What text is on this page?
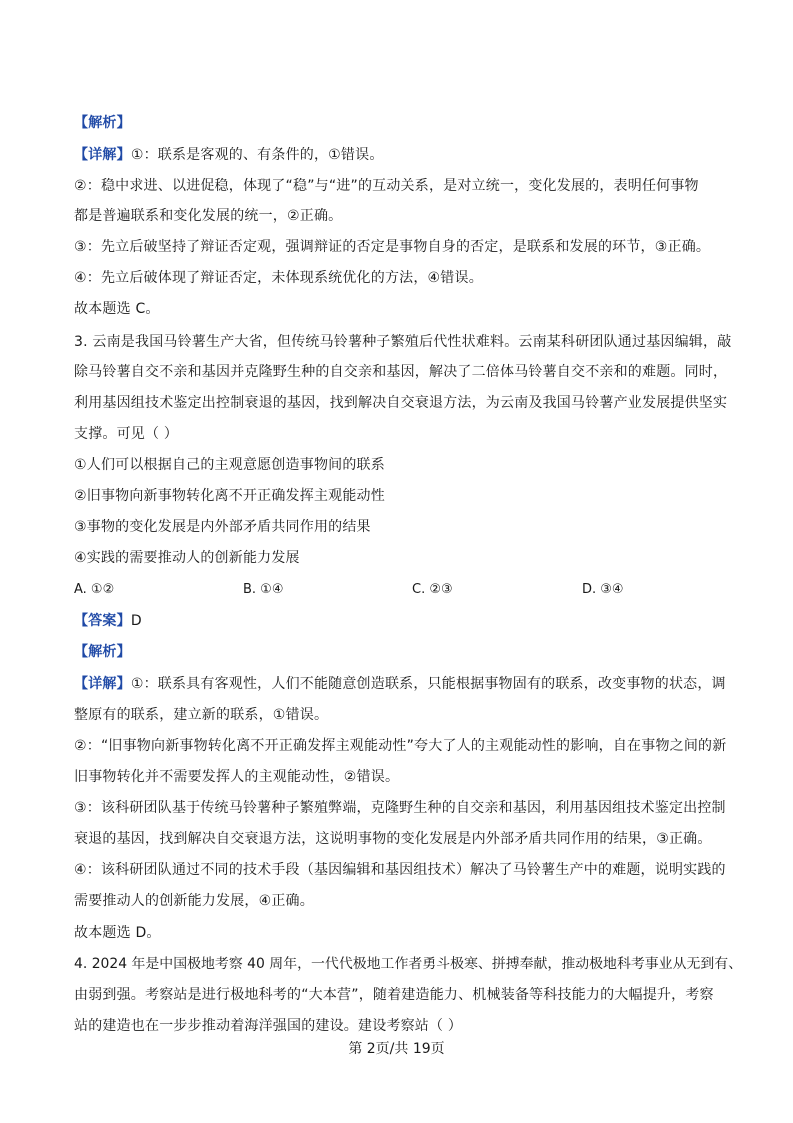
【解析】
【详解】①：联系是客观的、有条件的，①错误。
②：稳中求进、以进促稳，体现了“稳”与“进”的互动关系，是对立统一，变化发展的，表明任何事物
都是普遍联系和变化发展的统一，②正确。
③：先立后破坚持了辩证否定观，强调辩证的否定是事物自身的否定，是联系和发展的环节，③正确。
④：先立后破体现了辩证否定，未体现系统优化的方法，④错误。
故本题选 C。
3. 云南是我国马铃薯生产大省，但传统马铃薯种子繁殖后代性状难料。云南某科研团队通过基因编辑，敲
除马铃薯自交不亲和基因并克隆野生种的自交亲和基因，解决了二倍体马铃薯自交不亲和的难题。同时，
利用基因组技术鉴定出控制衰退的基因，找到解决自交衰退方法，为云南及我国马铃薯产业发展提供坚实
支撑。可见（ ）
①人们可以根据自己的主观意愿创造事物间的联系
②旧事物向新事物转化离不开正确发挥主观能动性
③事物的变化发展是内外部矛盾共同作用的结果
④实践的需要推动人的创新能力发展
A. ①②	B. ①④	C. ②③	D. ③④
【答案】D
【解析】
【详解】①：联系具有客观性，人们不能随意创造联系，只能根据事物固有的联系，改变事物的状态，调
整原有的联系，建立新的联系，①错误。
②：“旧事物向新事物转化离不开正确发挥主观能动性”夸大了人的主观能动性的影响，自在事物之间的新
旧事物转化并不需要发挥人的主观能动性，②错误。
③：该科研团队基于传统马铃薯种子繁殖弊端，克隆野生种的自交亲和基因，利用基因组技术鉴定出控制
衰退的基因，找到解决自交衰退方法，这说明事物的变化发展是内外部矛盾共同作用的结果，③正确。
④：该科研团队通过不同的技术手段（基因编辑和基因组技术）解决了马铃薯生产中的难题，说明实践的
需要推动人的创新能力发展，④正确。
故本题选 D。
4. 2024 年是中国极地考察 40 周年，一代代极地工作者勇斗极寒、拼搏奉献，推动极地科考事业从无到有、
由弱到强。考察站是进行极地科考的“大本营”，随着建造能力、机械装备等科技能力的大幅提升，考察
站的建造也在一步步推动着海洋强国的建设。建设考察站（ ）
第 2页/共 19页
